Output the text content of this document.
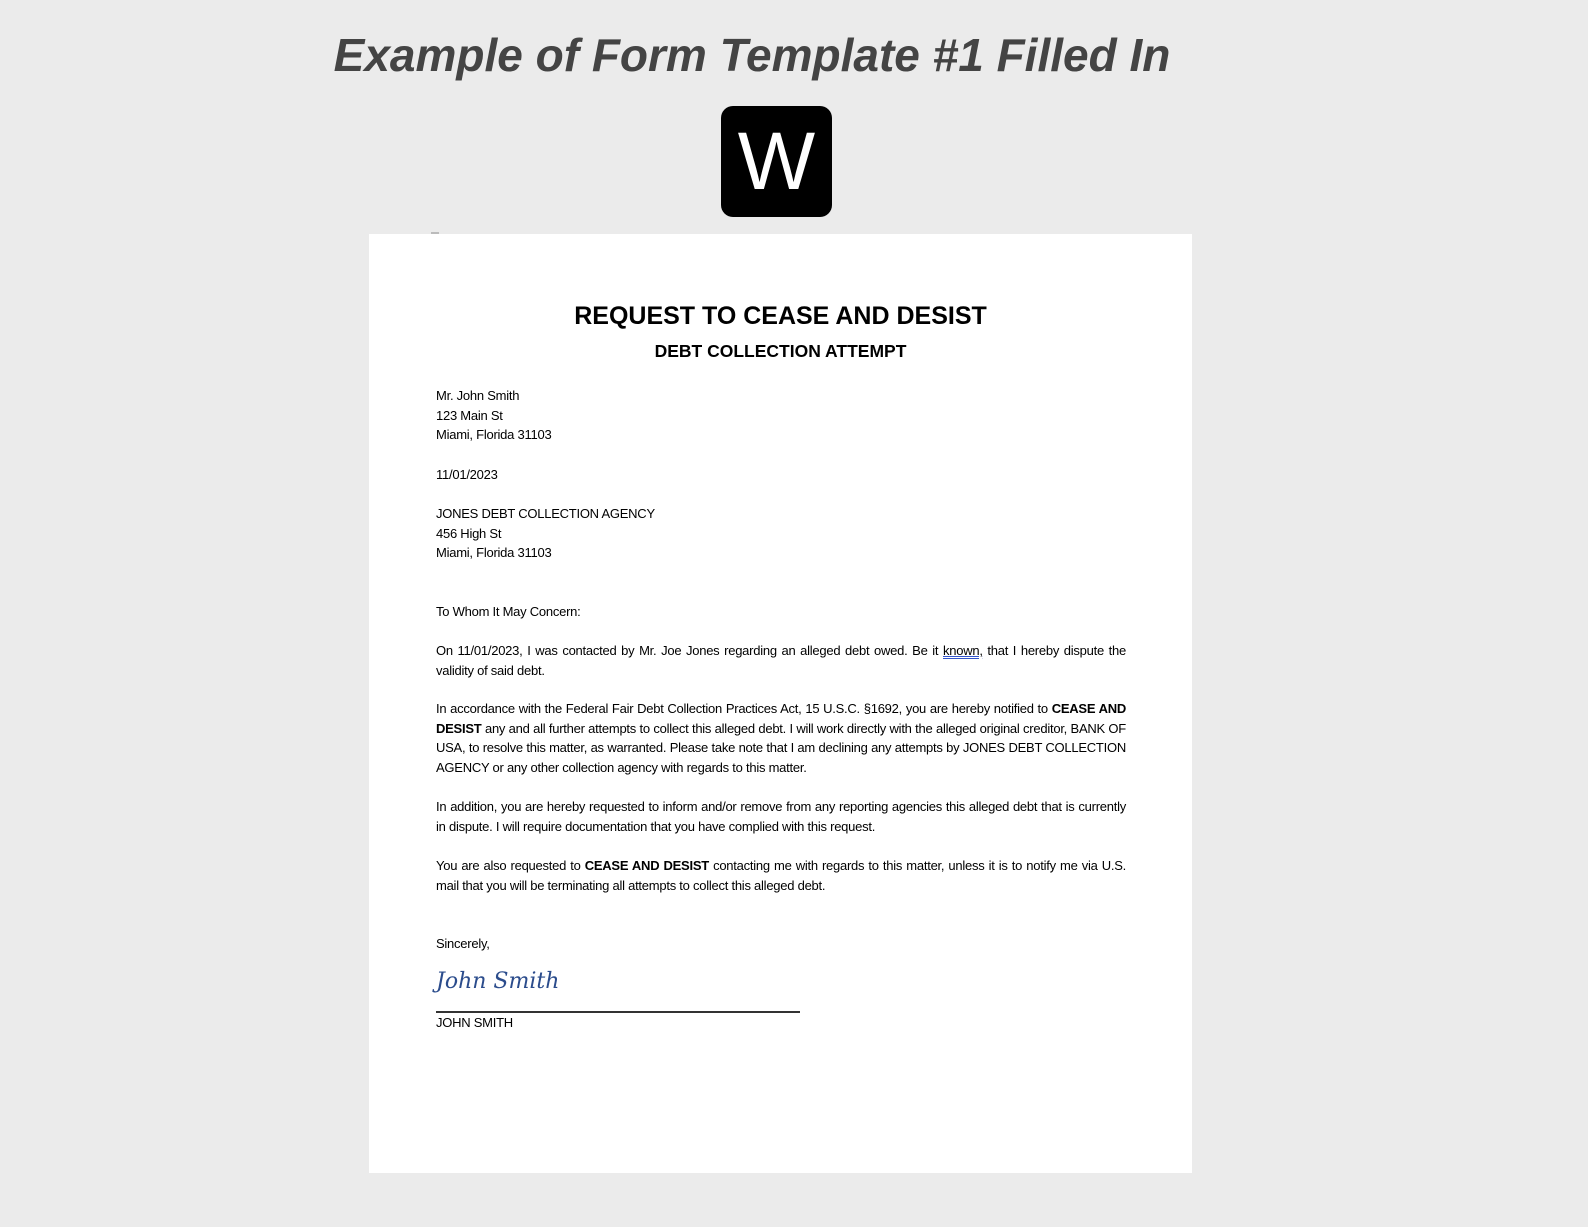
Example of Form Template #1 Filled In
W
REQUEST TO CEASE AND DESIST
DEBT COLLECTION ATTEMPT
Mr. John Smith
123 Main St
Miami, Florida 31103
11/01/2023
JONES DEBT COLLECTION AGENCY
456 High St
Miami, Florida 31103
To Whom It May Concern:
On 11/01/2023, I was contacted by Mr. Joe Jones regarding an alleged debt owed. Be it known, that I hereby dispute the validity of said debt.
In accordance with the Federal Fair Debt Collection Practices Act, 15 U.S.C. §1692, you are hereby notified to CEASE AND DESIST any and all further attempts to collect this alleged debt. I will work directly with the alleged original creditor, BANK OF USA, to resolve this matter, as warranted. Please take note that I am declining any attempts by JONES DEBT COLLECTION AGENCY or any other collection agency with regards to this matter.
In addition, you are hereby requested to inform and/or remove from any reporting agencies this alleged debt that is currently in dispute. I will require documentation that you have complied with this request.
You are also requested to CEASE AND DESIST contacting me with regards to this matter, unless it is to notify me via U.S. mail that you will be terminating all attempts to collect this alleged debt.
Sincerely,
John Smith
JOHN SMITH
